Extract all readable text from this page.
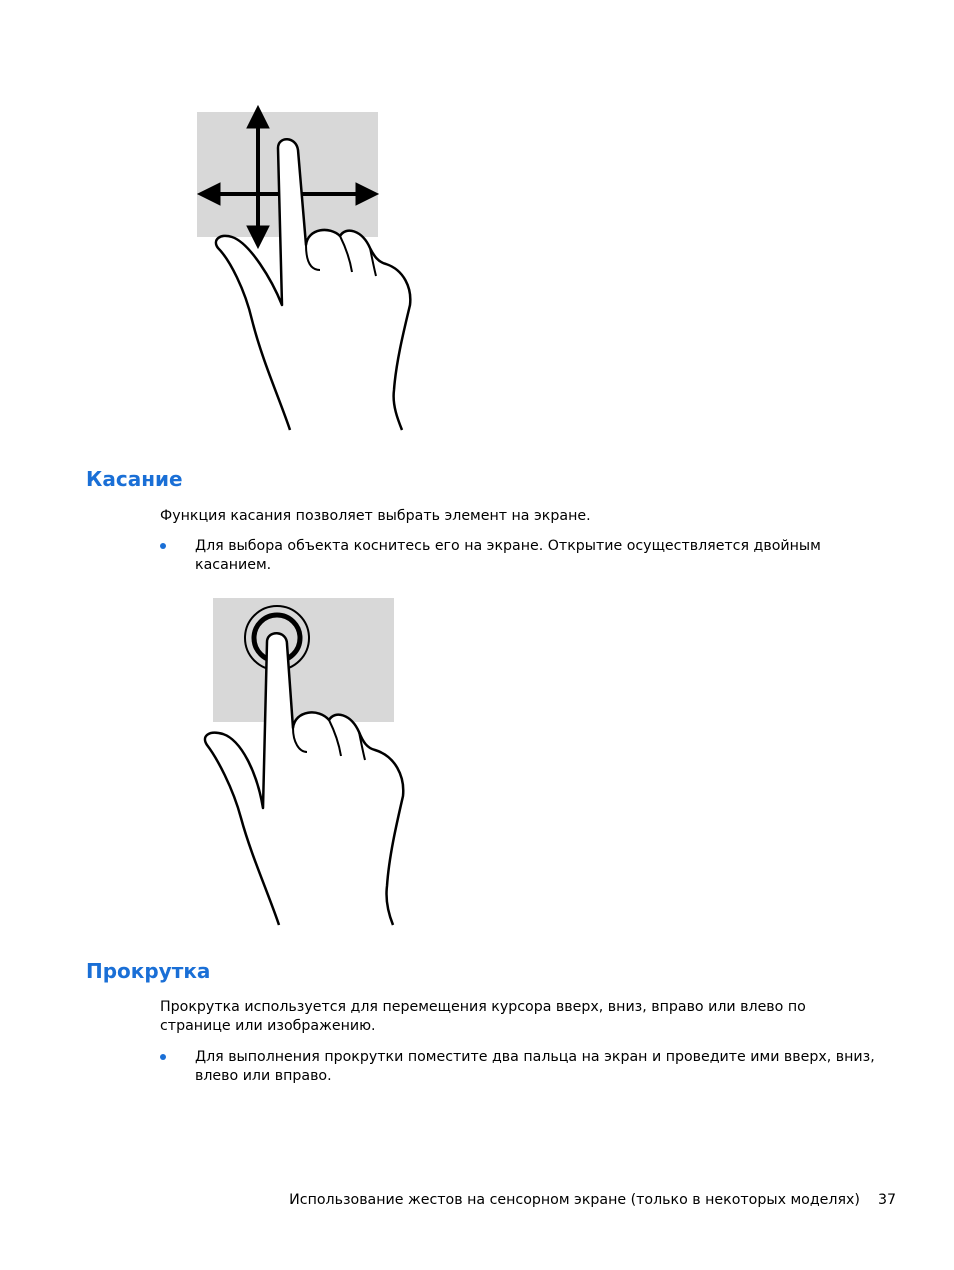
Касание

Функция касания позволяет выбрать элемент на экране.

Для выбора объекта коснитесь его на экране. Открытие осуществляется двойным касанием.
Прокрутка

Прокрутка используется для перемещения курсора вверх, вниз, вправо или влево по странице или изображению.

Для выполнения прокрутки поместите два пальца на экран и проведите ими вверх, вниз, влево или вправо.
Использование жестов на сенсорном экране (только в некоторых моделях) 37
